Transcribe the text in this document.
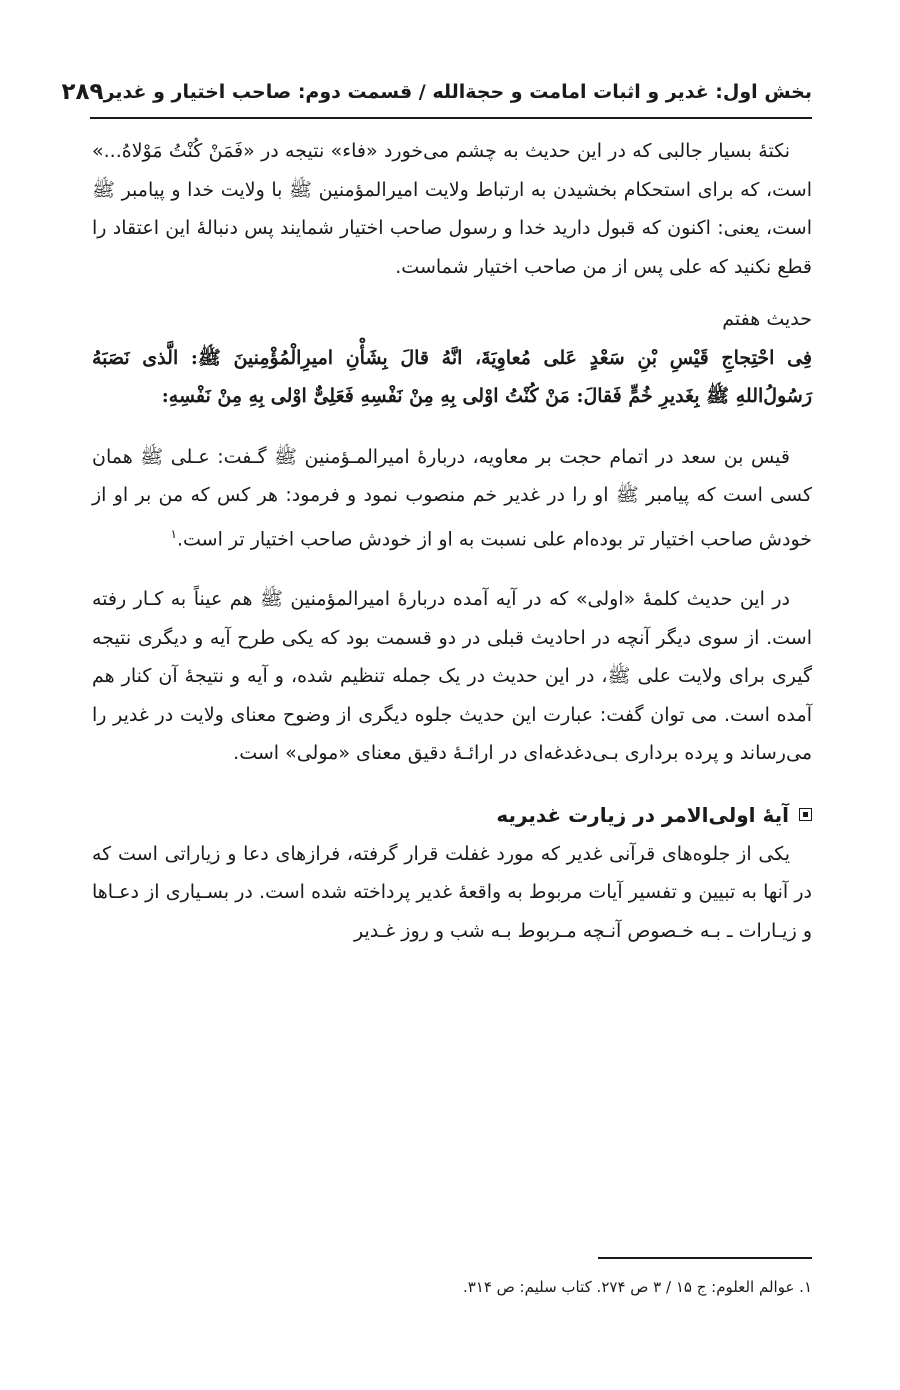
بخش اول: غدیر و اثبات امامت و حجةالله / قسمت دوم: صاحب اختیار و غدیر
۲۸۹

نکتۀ بسیار جالبی که در این حدیث به چشم می‌خورد «فاء» نتیجه در «فَمَنْ کُنْتُ مَوْلاهُ...» است، که برای استحکام بخشیدن به ارتباط ولایت امیرالمؤمنین ﷺ با ولایت خدا و پیامبر ﷺ است، یعنی: اکنون که قبول دارید خدا و رسول صاحب اختیار شمایند پس دنبالۀ این اعتقاد را قطع نکنید که علی پس از من صاحب اختیار شماست.

حدیث هفتم

فِی احْتِجاجِ قَیْسِ بْنِ سَعْدٍ عَلی مُعاوِیَةَ، انَّهُ قالَ بِشَأْنِ امیرِالْمُؤْمِنینَ ﷺ: الَّذی نَصَبَهُ رَسُولُ‌اللهِ ﷺ بِغَدیرِ خُمٍّ فَقالَ: مَنْ کُنْتُ اوْلی بِهِ مِنْ نَفْسِهِ فَعَلِیٌّ اوْلی بِهِ مِنْ نَفْسِهِ:

قیس بن سعد در اتمام حجت بر معاویه، دربارۀ امیرالمـؤمنین ﷺ گـفت: عـلی ﷺ همان کسی است که پیامبر ﷺ او را در غدیر خم منصوب نمود و فرمود: هر کس که من بر او از خودش صاحب اختیار تر بوده‌ام علی نسبت به او از خودش صاحب اختیار تر است.$^۱$

در این حدیث کلمۀ «اولی» که در آیه آمده دربارۀ امیرالمؤمنین ﷺ هم عیناً به کـار رفته است. از سوی دیگر آنچه در احادیث قبلی در دو قسمت بود که یکی طرح آیه و دیگری نتیجه گیری برای ولایت علی ﷺ، در این حدیث در یک جمله تنظیم شده، و آیه و نتیجۀ آن کنار هم آمده است. می توان گفت: عبارت این حدیث جلوه دیگری از وضوح معنای ولایت در غدیر را می‌رساند و پرده برداری بـی‌دغدغه‌ای در ارائـۀ دقیق معنای «مولی» است.

آیۀ اولی‌الامر در زیارت غدیریه

یکی از جلوه‌های قرآنی غدیر که مورد غفلت قرار گرفته، فرازهای دعا و زیاراتی است که در آنها به تبیین و تفسیر آیات مربوط به واقعۀ غدیر پرداخته شده است. در بسـیاری از دعـاها و زیـارات ـ بـه خـصوص آنـچه مـربوط بـه شب و روز غـدیر

۱. عوالم العلوم: ج ۱۵ / ۳ ص ۲۷۴. کتاب سلیم: ص ۳۱۴.
